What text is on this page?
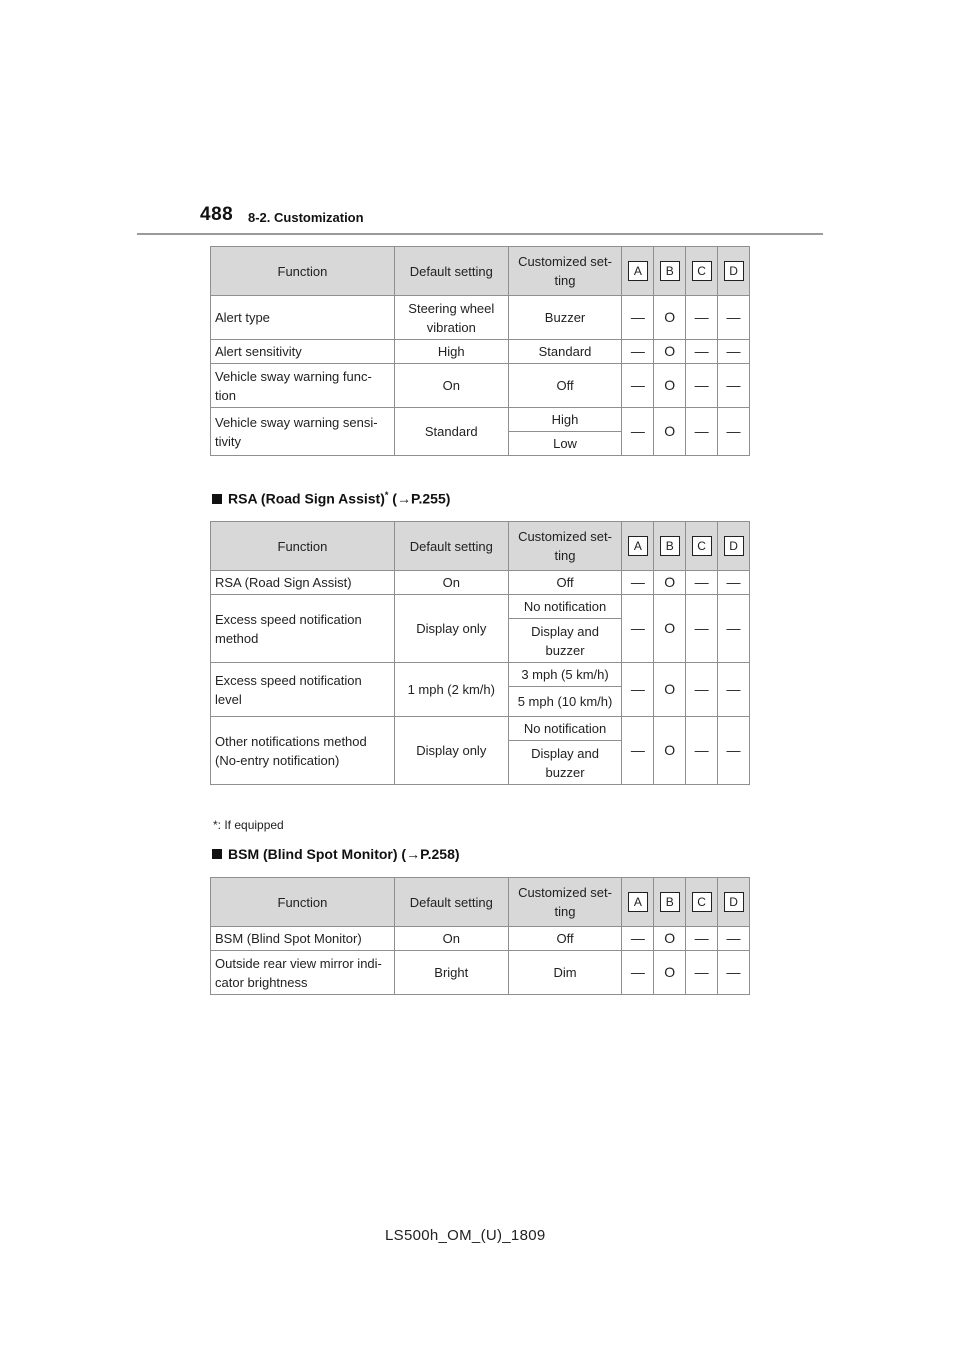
488 8-2. Customization
Function	Default setting	Customized set-ting	A	B	C	D
Alert type	Steering wheel vibration	Buzzer	—	O	—	—
Alert sensitivity	High	Standard	—	O	—	—
Vehicle sway warning func-tion	On	Off	—	O	—	—
Vehicle sway warning sensi-tivity	Standard	High	—	O	—	—
		Low				
RSA (Road Sign Assist)* (→P.255)
Function	Default setting	Customized set-ting	A	B	C	D
RSA (Road Sign Assist)	On	Off	—	O	—	—
Excess speed notification method	Display only	No notification	—	O	—	—
		Display and buzzer				
Excess speed notification level	1 mph (2 km/h)	3 mph (5 km/h)	—	O	—	—
		5 mph (10 km/h)				
Other notifications method (No-entry notification)	Display only	No notification	—	O	—	—
		Display and buzzer				
*: If equipped
BSM (Blind Spot Monitor) (→P.258)
Function	Default setting	Customized set-ting	A	B	C	D
BSM (Blind Spot Monitor)	On	Off	—	O	—	—
Outside rear view mirror indi-cator brightness	Bright	Dim	—	O	—	—
LS500h_OM_(U)_1809
